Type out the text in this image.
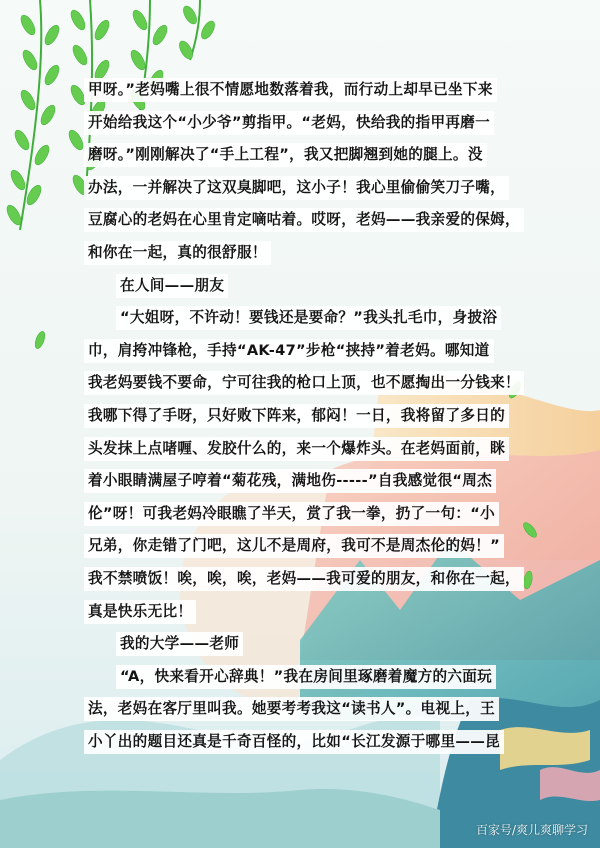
甲呀。”老妈嘴上很不情愿地数落着我，而行动上却早已坐下来
开始给我这个“小少爷”剪指甲。“老妈，快给我的指甲再磨一
磨呀。”刚刚解决了“手上工程”，我又把脚翘到她的腿上。没
办法，一并解决了这双臭脚吧，这小子！我心里偷偷笑刀子嘴，
豆腐心的老妈在心里肯定嘀咕着。哎呀，老妈——我亲爱的保姆，
和你在一起，真的很舒服！
在人间——朋友
“大姐呀，不许动！要钱还是要命？”我头扎毛巾，身披浴
巾，肩挎冲锋枪，手持“AK-47”步枪“挟持”着老妈。哪知道
我老妈要钱不要命，宁可往我的枪口上顶，也不愿掏出一分钱来！
我哪下得了手呀，只好败下阵来，郁闷！一日，我将留了多日的
头发抹上点啫喱、发胶什么的，来一个爆炸头。在老妈面前，眯
着小眼睛满屋子哼着“菊花残，满地伤-----”自我感觉很“周杰
伦”呀！可我老妈冷眼瞧了半天，赏了我一拳，扔了一句：“小
兄弟，你走错了门吧，这儿不是周府，我可不是周杰伦的妈！”
我不禁喷饭！唉，唉，唉，老妈——我可爱的朋友，和你在一起，
真是快乐无比！
我的大学——老师
“A，快来看开心辞典！”我在房间里琢磨着魔方的六面玩
法，老妈在客厅里叫我。她要考考我这“读书人”。电视上，王
小丫出的题目还真是千奇百怪的，比如“长江发源于哪里——昆
百家号/爽儿爽聊学习
